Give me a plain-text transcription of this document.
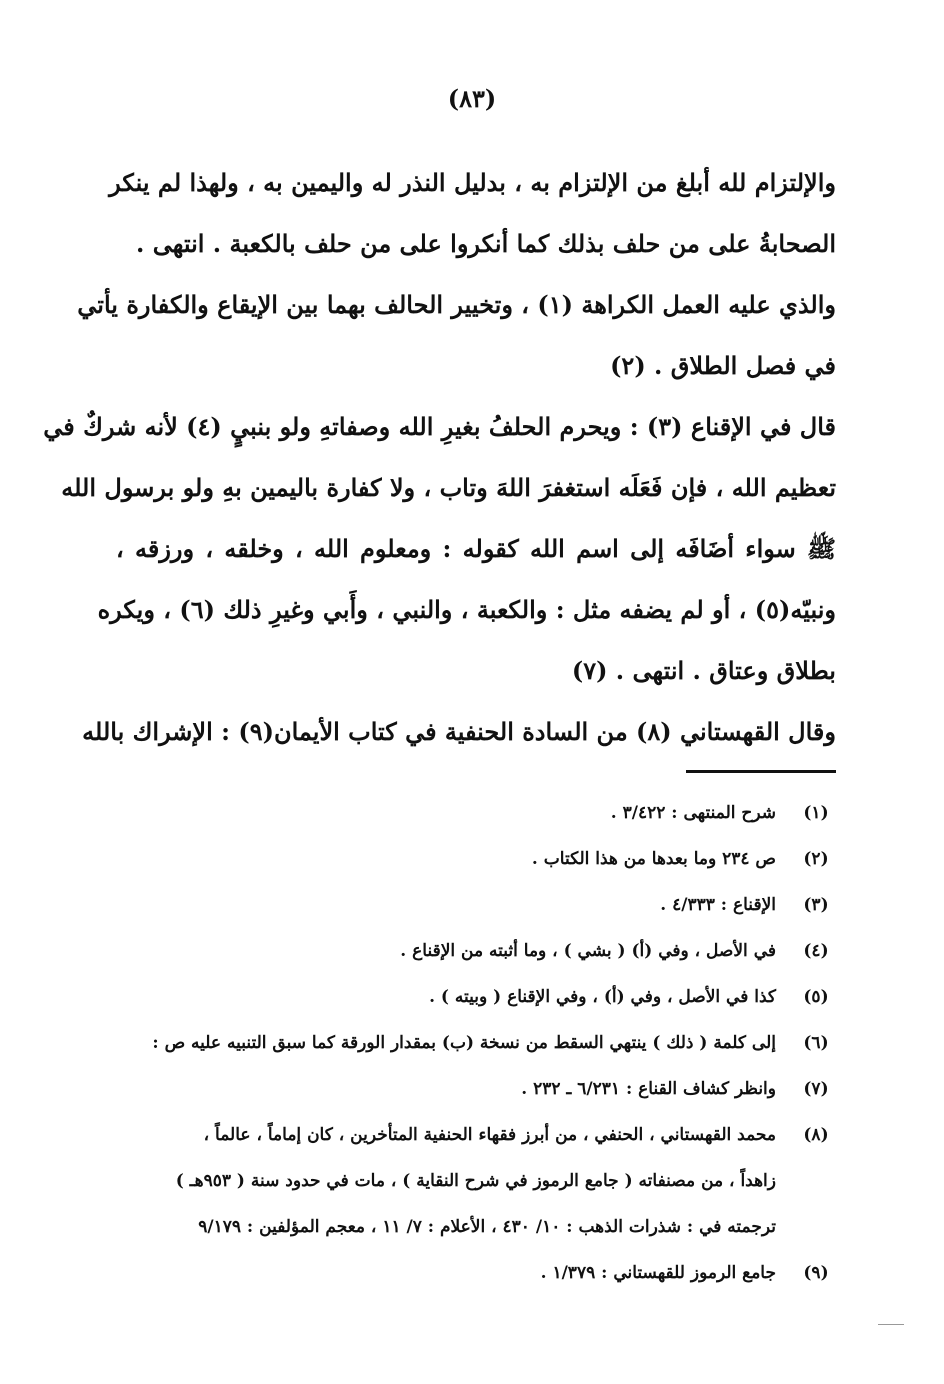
(٨٣)
والإلتزام لله أبلغ من الإلتزام به ، بدليل النذر له واليمين به ، ولهذا لم ينكر
الصحابةُ على من حلف بذلك كما أنكروا على من حلف بالكعبة . انتهى .
والذي عليه العمل الكراهة (١) ، وتخيير الحالف بهما بين الإيقاع والكفارة يأتي
في فصل الطلاق . (٢)
قال في الإقناع (٣) : ويحرم الحلفُ بغيرِ الله وصفاتهِ ولو بنبيٍ (٤) لأنه شركٌ في
تعظيم الله ، فإن فَعَلَه استغفرَ اللهَ وتاب ، ولا كفارة باليمين بهِ ولو برسول الله
ﷺ سواء أضَافَه إلى اسم الله كقوله : ومعلوم الله ، وخلقه ، ورزقه ،
ونبيّه(٥) ، أو لم يضفه مثل : والكعبة ، والنبي ، وأَبي وغيرِ ذلك (٦) ، ويكره
بطلاق وعتاق . انتهى . (٧)
وقال القهستاني (٨) من السادة الحنفية في كتاب الأيمان(٩) : الإشراك بالله
(١)
شرح المنتهى : ٣/٤٢٢ .
(٢)
ص ٢٣٤ وما بعدها من هذا الكتاب .
(٣)
الإقناع : ٤/٣٣٣ .
(٤)
في الأصل ، وفي (أ) ( بشي ) ، وما أثبته من الإقناع .
(٥)
كذا في الأصل ، وفي (أ) ، وفي الإقناع ( وبيته ) .
(٦)
إلى كلمة ( ذلك ) ينتهي السقط من نسخة (ب) بمقدار الورقة كما سبق التنبيه عليه ص :
(٧)
وانظر كشاف القناع : ٦/٢٣١ ـ ٢٣٢ .
(٨)
محمد القهستاني ، الحنفي ، من أبرز فقهاء الحنفية المتأخرين ، كان إماماً ، عالماً ،
زاهداً ، من مصنفاته ( جامع الرموز في شرح النقاية ) ، مات في حدود سنة ( ٩٥٣هـ )
ترجمته في : شذرات الذهب : ١٠/ ٤٣٠ ، الأعلام : ٧/ ١١ ، معجم المؤلفين : ٩/١٧٩
(٩)
جامع الرموز للقهستاني : ١/٣٧٩ .
